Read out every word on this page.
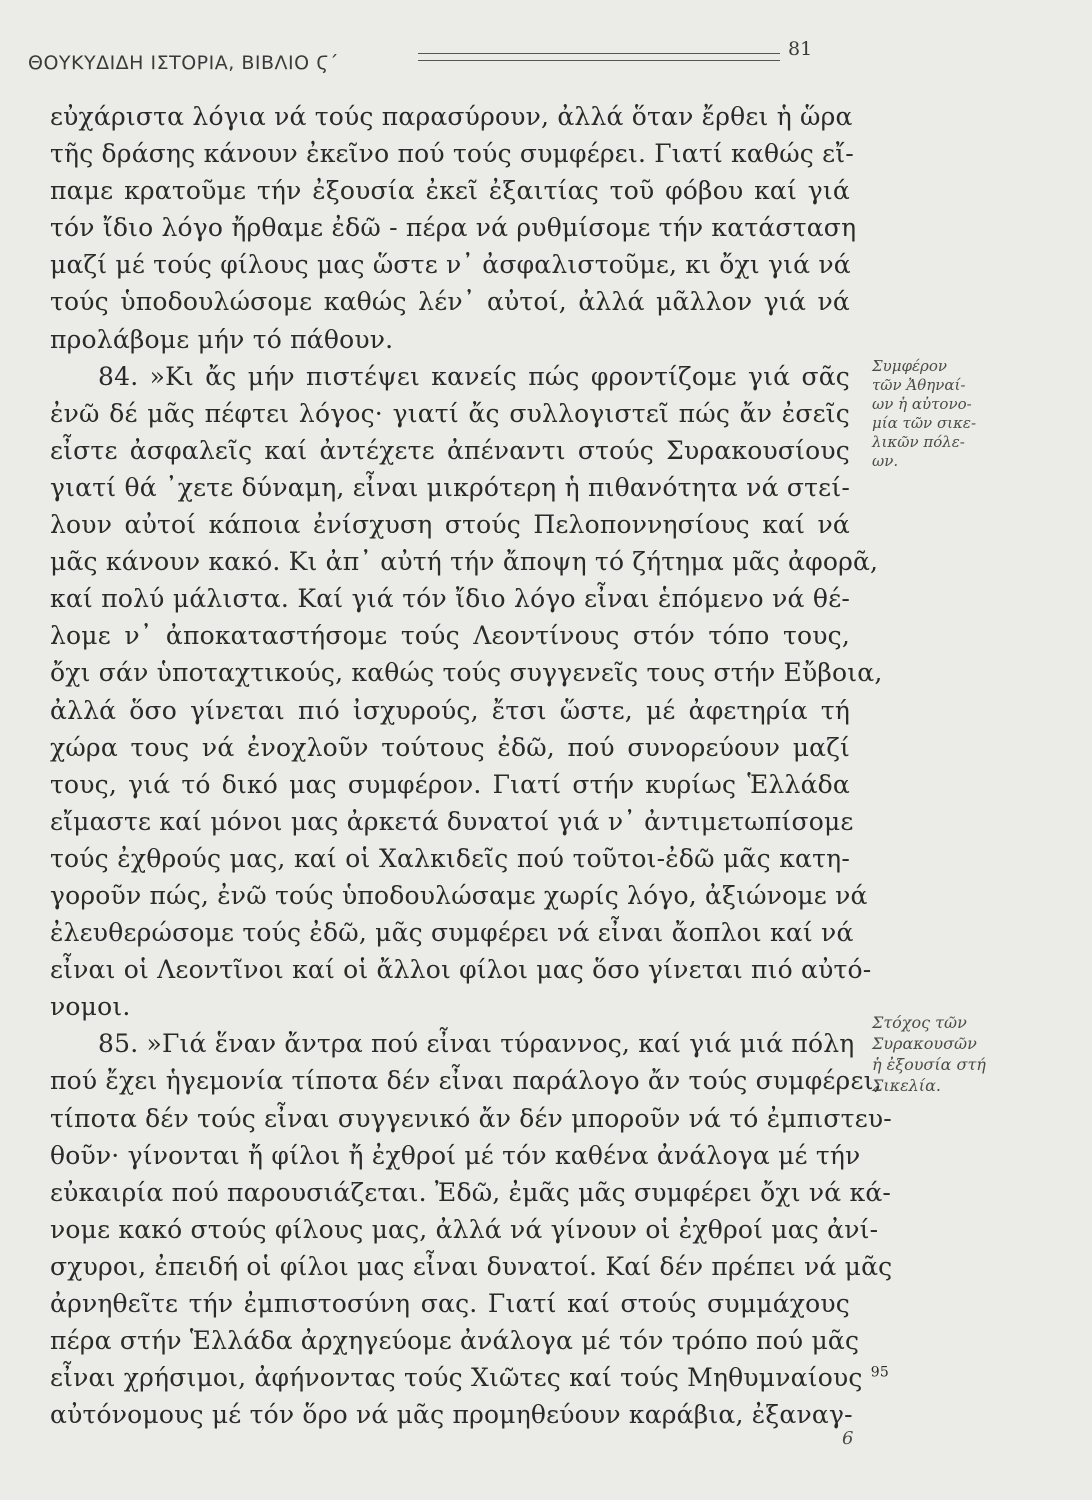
ΘΟΥΚΥΔΙΔΗ ΙΣΤΟΡΙΑ, ΒΙΒΛΙΟ Ϛ΄
81
εὐχάριστα λόγια νά τούς παρασύρουν, ἀλλά ὅταν ἔρθει ἡ ὥρα
τῆς δράσης κάνουν ἐκεῖνο πού τούς συμφέρει. Γιατί καθώς εἴ-
παμε κρατοῦμε τήν ἐξουσία ἐκεῖ ἐξαιτίας τοῦ φόβου καί γιά
τόν ἴδιο λόγο ἤρθαμε ἐδῶ - πέρα νά ρυθμίσομε τήν κατάσταση
μαζί μέ τούς φίλους μας ὥστε ν᾽ ἀσφαλιστοῦμε, κι ὄχι γιά νά
τούς ὑποδουλώσομε καθώς λέν᾽ αὐτοί, ἀλλά μᾶλλον γιά νά
προλάβομε μήν τό πάθουν.
84. »Κι ἄς μήν πιστέψει κανείς πώς φροντίζομε γιά σᾶς
ἐνῶ δέ μᾶς πέφτει λόγος· γιατί ἄς συλλογιστεῖ πώς ἄν ἐσεῖς
εἶστε ἀσφαλεῖς καί ἀντέχετε ἀπέναντι στούς Συρακουσίους
γιατί θά ᾽χετε δύναμη, εἶναι μικρότερη ἡ πιθανότητα νά στεί-
λουν αὐτοί κάποια ἐνίσχυση στούς Πελοποννησίους καί νά
μᾶς κάνουν κακό. Κι ἀπ᾽ αὐτή τήν ἄποψη τό ζήτημα μᾶς ἀφορᾶ,
καί πολύ μάλιστα. Καί γιά τόν ἴδιο λόγο εἶναι ἑπόμενο νά θέ-
λομε ν᾽ ἀποκαταστήσομε τούς Λεοντίνους στόν τόπο τους,
ὄχι σάν ὑποταχτικούς, καθώς τούς συγγενεῖς τους στήν Εὔβοια,
ἀλλά ὅσο γίνεται πιό ἰσχυρούς, ἔτσι ὥστε, μέ ἀφετηρία τή
χώρα τους νά ἐνοχλοῦν τούτους ἐδῶ, πού συνορεύουν μαζί
τους, γιά τό δικό μας συμφέρον. Γιατί στήν κυρίως Ἑλλάδα
εἴμαστε καί μόνοι μας ἀρκετά δυνατοί γιά ν᾽ ἀντιμετωπίσομε
τούς ἐχθρούς μας, καί οἱ Χαλκιδεῖς πού τοῦτοι-ἐδῶ μᾶς κατη-
γοροῦν πώς, ἐνῶ τούς ὑποδουλώσαμε χωρίς λόγο, ἀξιώνομε νά
ἐλευθερώσομε τούς ἐδῶ, μᾶς συμφέρει νά εἶναι ἄοπλοι καί νά
εἶναι οἱ Λεοντῖνοι καί οἱ ἄλλοι φίλοι μας ὅσο γίνεται πιό αὐτό-
νομοι.
85. »Γιά ἕναν ἄντρα πού εἶναι τύραννος, καί γιά μιά πόλη
πού ἔχει ἡγεμονία τίποτα δέν εἶναι παράλογο ἄν τούς συμφέρει,
τίποτα δέν τούς εἶναι συγγενικό ἄν δέν μποροῦν νά τό ἐμπιστευ-
θοῦν· γίνονται ἤ φίλοι ἤ ἐχθροί μέ τόν καθένα ἀνάλογα μέ τήν
εὐκαιρία πού παρουσιάζεται. Ἐδῶ, ἐμᾶς μᾶς συμφέρει ὄχι νά κά-
νομε κακό στούς φίλους μας, ἀλλά νά γίνουν οἱ ἐχθροί μας ἀνί-
σχυροι, ἐπειδή οἱ φίλοι μας εἶναι δυνατοί. Καί δέν πρέπει νά μᾶς
ἀρνηθεῖτε τήν ἐμπιστοσύνη σας. Γιατί καί στούς συμμάχους
πέρα στήν Ἑλλάδα ἀρχηγεύομε ἀνάλογα μέ τόν τρόπο πού μᾶς
εἶναι χρήσιμοι, ἀφήνοντας τούς Χιῶτες καί τούς Μηθυμναίους $^{95}$
αὐτόνομους μέ τόν ὅρο νά μᾶς προμηθεύουν καράβια, ἐξαναγ-
Συμφέρον
τῶν Ἀθηναί-
ων ἡ αὐτονο-
μία τῶν σικε-
λικῶν πόλε-
ων.
Στόχος τῶν
Συρακουσῶν
ἡ ἐξουσία στή
Σικελία.
6
